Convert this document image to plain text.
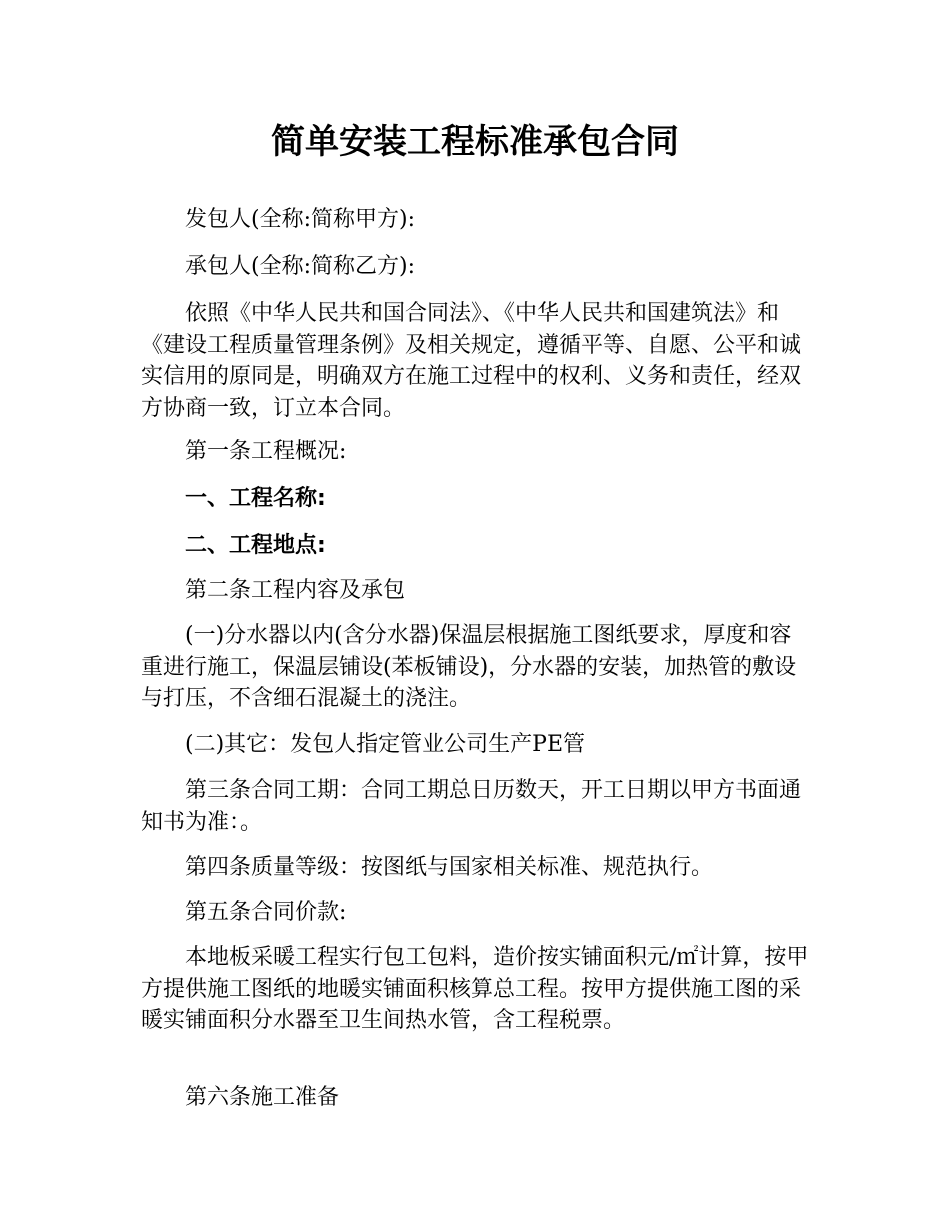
简单安装工程标准承包合同

发包人(全称:简称甲方):

承包人(全称:简称乙方):

依照《中华人民共和国合同法》、《中华人民共和国建筑法》和《建设工程质量管理条例》及相关规定，遵循平等、自愿、公平和诚实信用的原同是，明确双方在施工过程中的权利、义务和责任，经双方协商一致，订立本合同。

第一条工程概况:

一、工程名称:

二、工程地点:

第二条工程内容及承包

(一)分水器以内(含分水器)保温层根据施工图纸要求，厚度和容重进行施工，保温层铺设(苯板铺设)，分水器的安装，加热管的敷设与打压，不含细石混凝土的浇注。

(二)其它：发包人指定管业公司生产PE管

第三条合同工期：合同工期总日历数天，开工日期以甲方书面通知书为准：。

第四条质量等级：按图纸与国家相关标准、规范执行。

第五条合同价款:

本地板采暖工程实行包工包料，造价按实铺面积元/㎡计算，按甲方提供施工图纸的地暖实铺面积核算总工程。按甲方提供施工图的采暖实铺面积分水器至卫生间热水管，含工程税票。

第六条施工准备
